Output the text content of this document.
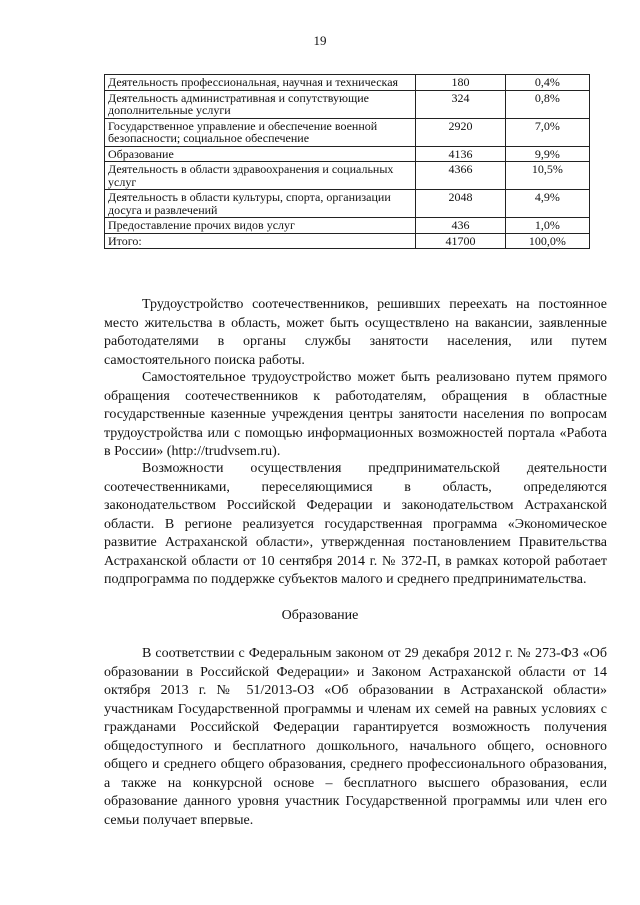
19
Деятельность профессиональная, научная и техническая	180	0,4%
Деятельность административная и сопутствующие дополнительные услуги	324	0,8%
Государственное управление и обеспечение военной безопасности; социальное обеспечение	2920	7,0%
Образование	4136	9,9%
Деятельность в области здравоохранения и социальных услуг	4366	10,5%
Деятельность в области культуры, спорта, организации досуга и развлечений	2048	4,9%
Предоставление прочих видов услуг	436	1,0%
Итого:	41700	100,0%

Трудоустройство соотечественников, решивших переехать на постоянное место жительства в область, может быть осуществлено на вакансии, заявленные работодателями в органы службы занятости населения, или путем самостоятельного поиска работы.

Самостоятельное трудоустройство может быть реализовано путем прямого обращения соотечественников к работодателям, обращения в областные государственные казенные учреждения центры занятости населения по вопросам трудоустройства или с помощью информационных возможностей портала «Работа в России» (http://trudvsem.ru).

Возможности осуществления предпринимательской деятельности соотечественниками, переселяющимися в область, определяются законодательством Российской Федерации и законодательством Астраханской области. В регионе реализуется государственная программа «Экономическое развитие Астраханской области», утвержденная постановлением Правительства Астраханской области от 10 сентября 2014 г. № 372-П, в рамках которой работает подпрограмма по поддержке субъектов малого и среднего предпринимательства.

Образование

В соответствии с Федеральным законом от 29 декабря 2012 г. № 273-ФЗ «Об образовании в Российской Федерации» и Законом Астраханской области от 14 октября 2013 г. № 51/2013-ОЗ «Об образовании в Астраханской области» участникам Государственной программы и членам их семей на равных условиях с гражданами Российской Федерации гарантируется возможность получения общедоступного и бесплатного дошкольного, начального общего, основного общего и среднего общего образования, среднего профессионального образования, а также на конкурсной основе – бесплатного высшего образования, если образование данного уровня участник Государственной программы или член его семьи получает впервые.
